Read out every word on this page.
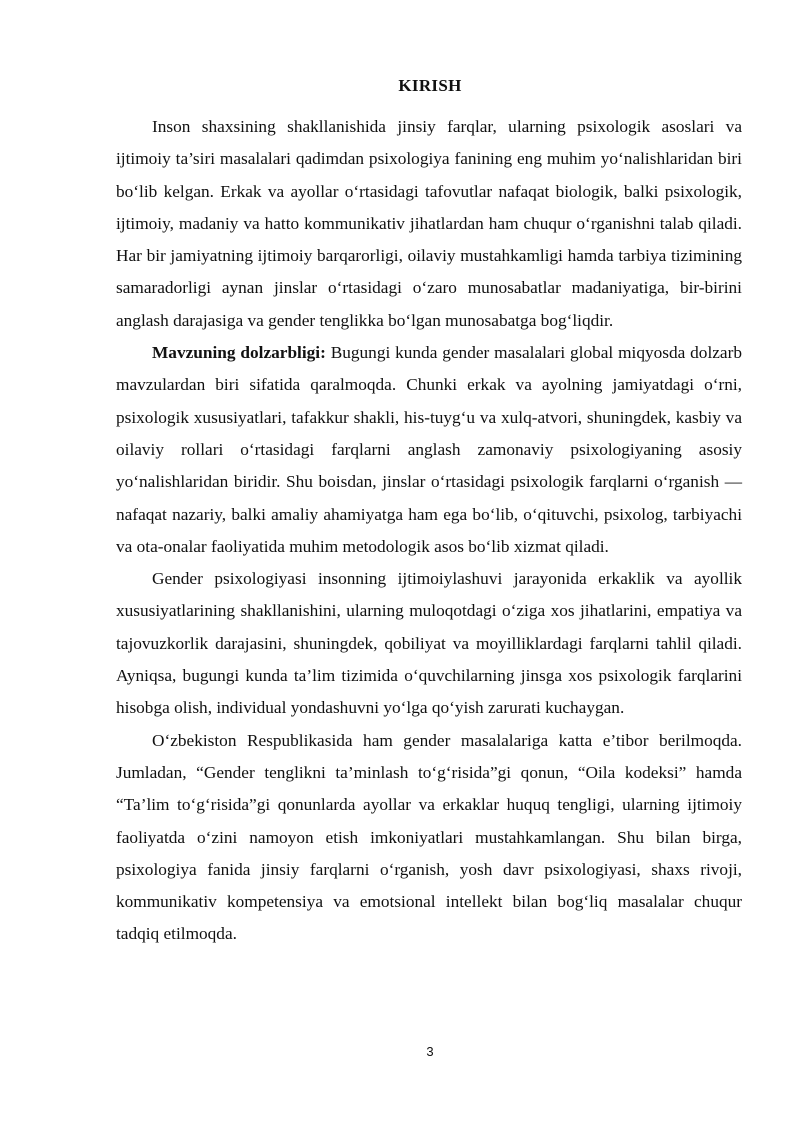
KIRISH

Inson shaxsining shakllanishida jinsiy farqlar, ularning psixologik asoslari va ijtimoiy ta’siri masalalari qadimdan psixologiya fanining eng muhim yo‘nalishlaridan biri bo‘lib kelgan. Erkak va ayollar o‘rtasidagi tafovutlar nafaqat biologik, balki psixologik, ijtimoiy, madaniy va hatto kommunikativ jihatlardan ham chuqur o‘rganishni talab qiladi. Har bir jamiyatning ijtimoiy barqarorligi, oilaviy mustahkamligi hamda tarbiya tizimining samaradorligi aynan jinslar o‘rtasidagi o‘zaro munosabatlar madaniyatiga, bir-birini anglash darajasiga va gender tenglikka bo‘lgan munosabatga bog‘liqdir.

Mavzuning dolzarbligi: Bugungi kunda gender masalalari global miqyosda dolzarb mavzulardan biri sifatida qaralmoqda. Chunki erkak va ayolning jamiyatdagi o‘rni, psixologik xususiyatlari, tafakkur shakli, his-tuyg‘u va xulq-atvori, shuningdek, kasbiy va oilaviy rollari o‘rtasidagi farqlarni anglash zamonaviy psixologiyaning asosiy yo‘nalishlaridan biridir. Shu boisdan, jinslar o‘rtasidagi psixologik farqlarni o‘rganish — nafaqat nazariy, balki amaliy ahamiyatga ham ega bo‘lib, o‘qituvchi, psixolog, tarbiyachi va ota-onalar faoliyatida muhim metodologik asos bo‘lib xizmat qiladi.

Gender psixologiyasi insonning ijtimoiylashuvi jarayonida erkaklik va ayollik xususiyatlarining shakllanishini, ularning muloqotdagi o‘ziga xos jihatlarini, empatiya va tajovuzkorlik darajasini, shuningdek, qobiliyat va moyilliklardagi farqlarni tahlil qiladi. Ayniqsa, bugungi kunda ta’lim tizimida o‘quvchilarning jinsga xos psixologik farqlarini hisobga olish, individual yondashuvni yo‘lga qo‘yish zarurati kuchaygan.

O‘zbekiston Respublikasida ham gender masalalariga katta e’tibor berilmoqda. Jumladan, “Gender tenglikni ta’minlash to‘g‘risida”gi qonun, “Oila kodeksi” hamda “Ta’lim to‘g‘risida”gi qonunlarda ayollar va erkaklar huquq tengligi, ularning ijtimoiy faoliyatda o‘zini namoyon etish imkoniyatlari mustahkamlangan. Shu bilan birga, psixologiya fanida jinsiy farqlarni o‘rganish, yosh davr psixologiyasi, shaxs rivoji, kommunikativ kompetensiya va emotsional intellekt bilan bog‘liq masalalar chuqur tadqiq etilmoqda.

3
